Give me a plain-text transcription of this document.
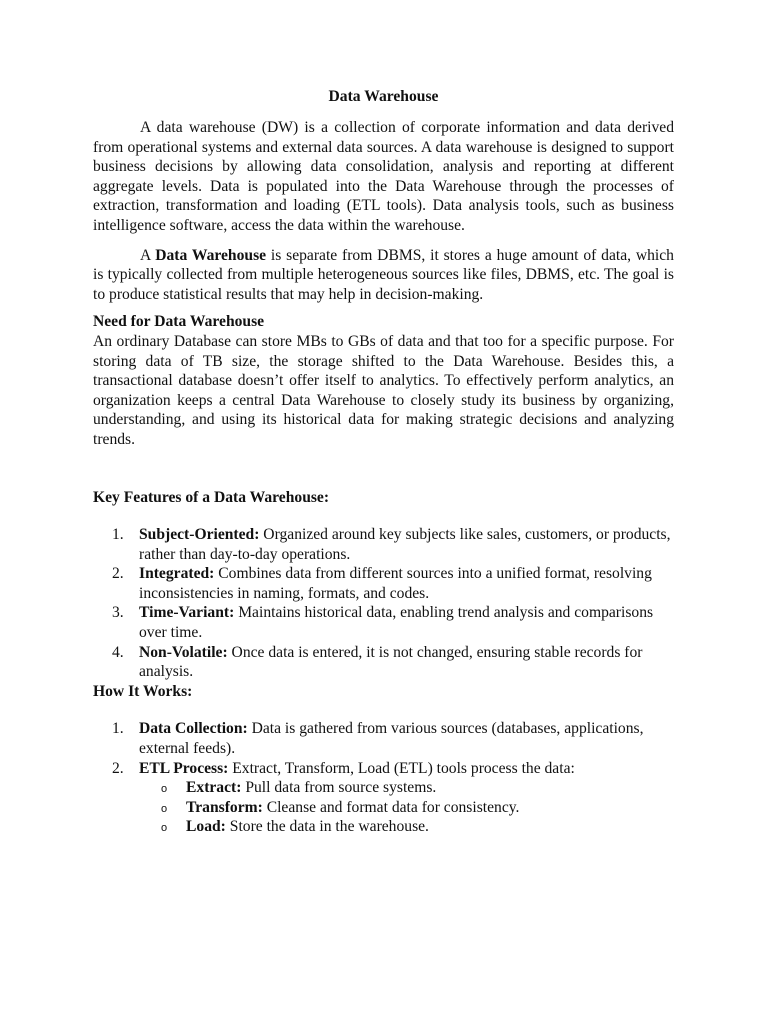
Data Warehouse

A data warehouse (DW) is a collection of corporate information and data derived from operational systems and external data sources. A data warehouse is designed to support business decisions by allowing data consolidation, analysis and reporting at different aggregate levels. Data is populated into the Data Warehouse through the processes of extraction, transformation and loading (ETL tools). Data analysis tools, such as business intelligence software, access the data within the warehouse.

A Data Warehouse is separate from DBMS, it stores a huge amount of data, which is typically collected from multiple heterogeneous sources like files, DBMS, etc. The goal is to produce statistical results that may help in decision-making.

Need for Data Warehouse

An ordinary Database can store MBs to GBs of data and that too for a specific purpose. For storing data of TB size, the storage shifted to the Data Warehouse. Besides this, a transactional database doesn’t offer itself to analytics. To effectively perform analytics, an organization keeps a central Data Warehouse to closely study its business by organizing, understanding, and using its historical data for making strategic decisions and analyzing trends.

Key Features of a Data Warehouse:
1. Subject-Oriented: Organized around key subjects like sales, customers, or products, rather than day-to-day operations.
2. Integrated: Combines data from different sources into a unified format, resolving inconsistencies in naming, formats, and codes.
3. Time-Variant: Maintains historical data, enabling trend analysis and comparisons over time.
4. Non-Volatile: Once data is entered, it is not changed, ensuring stable records for analysis.
How It Works:
1. Data Collection: Data is gathered from various sources (databases, applications, external feeds).
2. ETL Process: Extract, Transform, Load (ETL) tools process the data:
o Extract: Pull data from source systems.
o Transform: Cleanse and format data for consistency.
o Load: Store the data in the warehouse.
